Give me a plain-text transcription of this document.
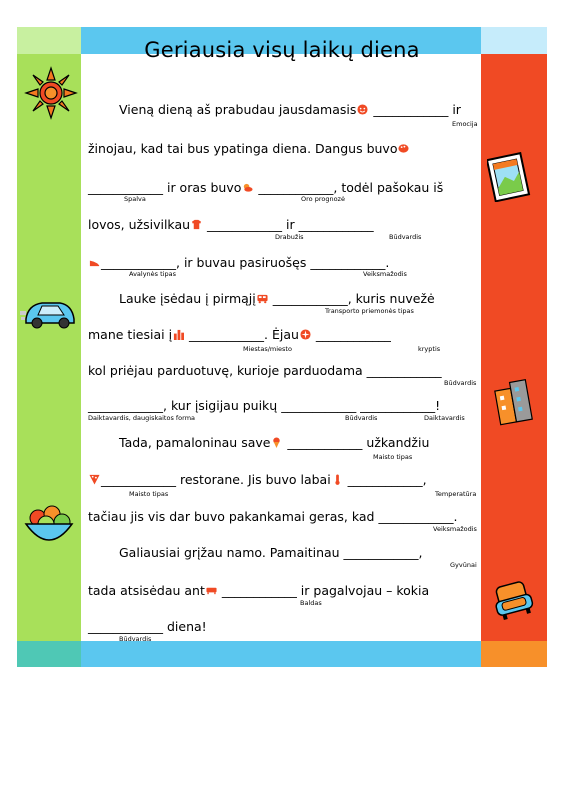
Geriausia visų laikų diena
Vieną dieną aš prabudau jausdamasis ____________ ir
Emocija
žinojau, kad tai bus ypatinga diena. Dangus buvo
____________ ir oras buvo ____________, todėl pašokau iš
Spalva	Oro prognozė
lovos, užsivilkau ____________ ir ____________
Drabužis	Būdvardis
____________, ir buvau pasiruošęs ____________.
Avalynės tipas	Veiksmažodis
Lauke įsėdau į pirmąjį ____________, kuris nuvežė
Transporto priemonės tipas
mane tiesiai į ____________. Ėjau ____________
Miestas/miesto	kryptis
kol priėjau parduotuvę, kurioje parduodama ____________
Būdvardis
____________, kur įsigijau puikų ____________ ____________!
Daiktavardis, daugiskaitos forma	Būdvardis	Daiktavardis
Tada, pamaloninau save ____________ užkandžiu
Maisto tipas
____________ restorane. Jis buvo labai ____________,
Maisto tipas	Temperatūra
tačiau jis vis dar buvo pakankamai geras, kad ____________.
Veiksmažodis
Galiausiai grįžau namo. Pamaitinau ____________,
Gyvūnai
tada atsisėdau ant ____________ ir pagalvojau – kokia
Baldas
____________ diena!
Būdvardis
